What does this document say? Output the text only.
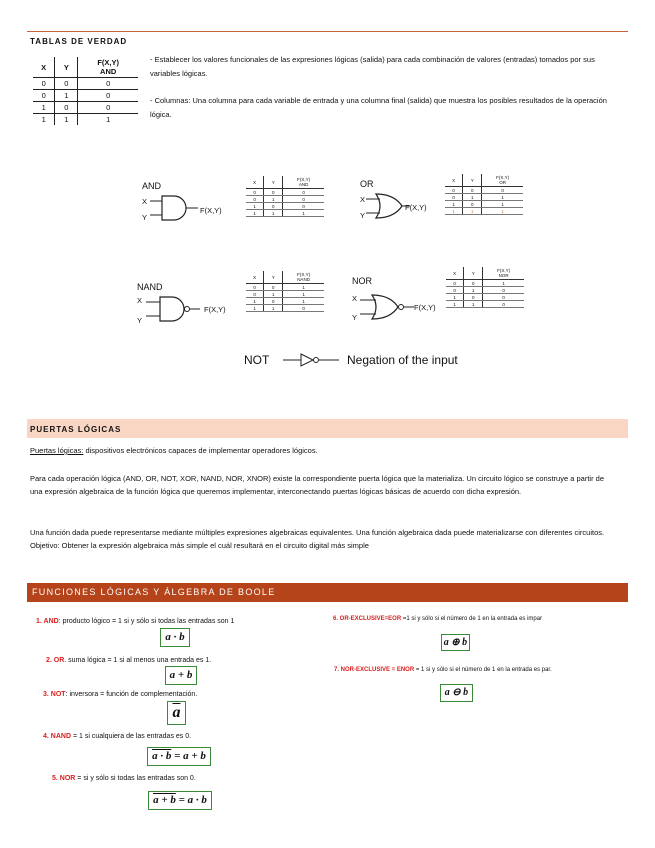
TABLAS DE VERDAD
X	Y	F(X,Y)
AND
0	0	0
0	1	0
1	0	0
1	1	1
- Establecer los valores funcionales de las expresiones lógicas (salida) para cada combinación de valores (entradas) tomados por sus variables lógicas.
- Columnas: Una columna para cada variable de entrada y una columna final (salida) que muestra los posibles resultados de la operación lógica.
AND
X
Y
F(X,Y)
X	Y	F(X,Y)
AND
0	0	0
0	1	0
1	0	0
1	1	1
OR
X
Y
F(X,Y)
X	Y	F(X,Y)
OR
0	0	0
0	1	1
1	0	1
1	1	1
NAND
X
Y
F(X,Y)
X	Y	F(X,Y)
NAND
0	0	1
0	1	1
1	0	1
1	1	0
NOR
X
Y
F(X,Y)
X	Y	F(X,Y)
NOR
0	0	1
0	1	0
1	0	0
1	1	0
NOT	Negation of the input
PUERTAS LÓGICAS
Puertas lógicas: dispositivos electrónicos capaces de implementar operadores lógicos.
Para cada operación lógica (AND, OR, NOT, XOR, NAND, NOR, XNOR) existe la correspondiente puerta lógica que la materializa. Un circuito lógico se construye a partir de una expresión algebraica de la función lógica que queremos implementar, interconectando puertas lógicas básicas de acuerdo con dicha expresión.
Una función dada puede representarse mediante múltiples expresiones algebraicas equivalentes. Una función algebraica dada puede materializarse con diferentes circuitos. Objetivo: Obtener la expresión algebraica más simple el cuál resultará en el circuito digital más simple
FUNCIONES LÓGICAS Y ÁLGEBRA DE BOOLE
1. AND: producto lógico = 1 si y sólo si todas las entradas son 1
a · b
2. OR. suma lógica = 1 si al menos una entrada es 1.
a + b
3. NOT: inversora = función de complementación.
$\overline{a}$
4. NAND = 1 si cualquiera de las entradas es 0.
a · b = a + b
5. NOR = si y sólo si todas las entradas son 0.
a + b = a · b
6. OR-EXCLUSIVE=EOR =1 si y sólo si el número de 1 en la entrada es impar
a ⊕ b
7. NOR-EXCLUSIVE = ENOR = 1 si y sólo si el número de 1 en la entrada es par.
a ⊖ b
